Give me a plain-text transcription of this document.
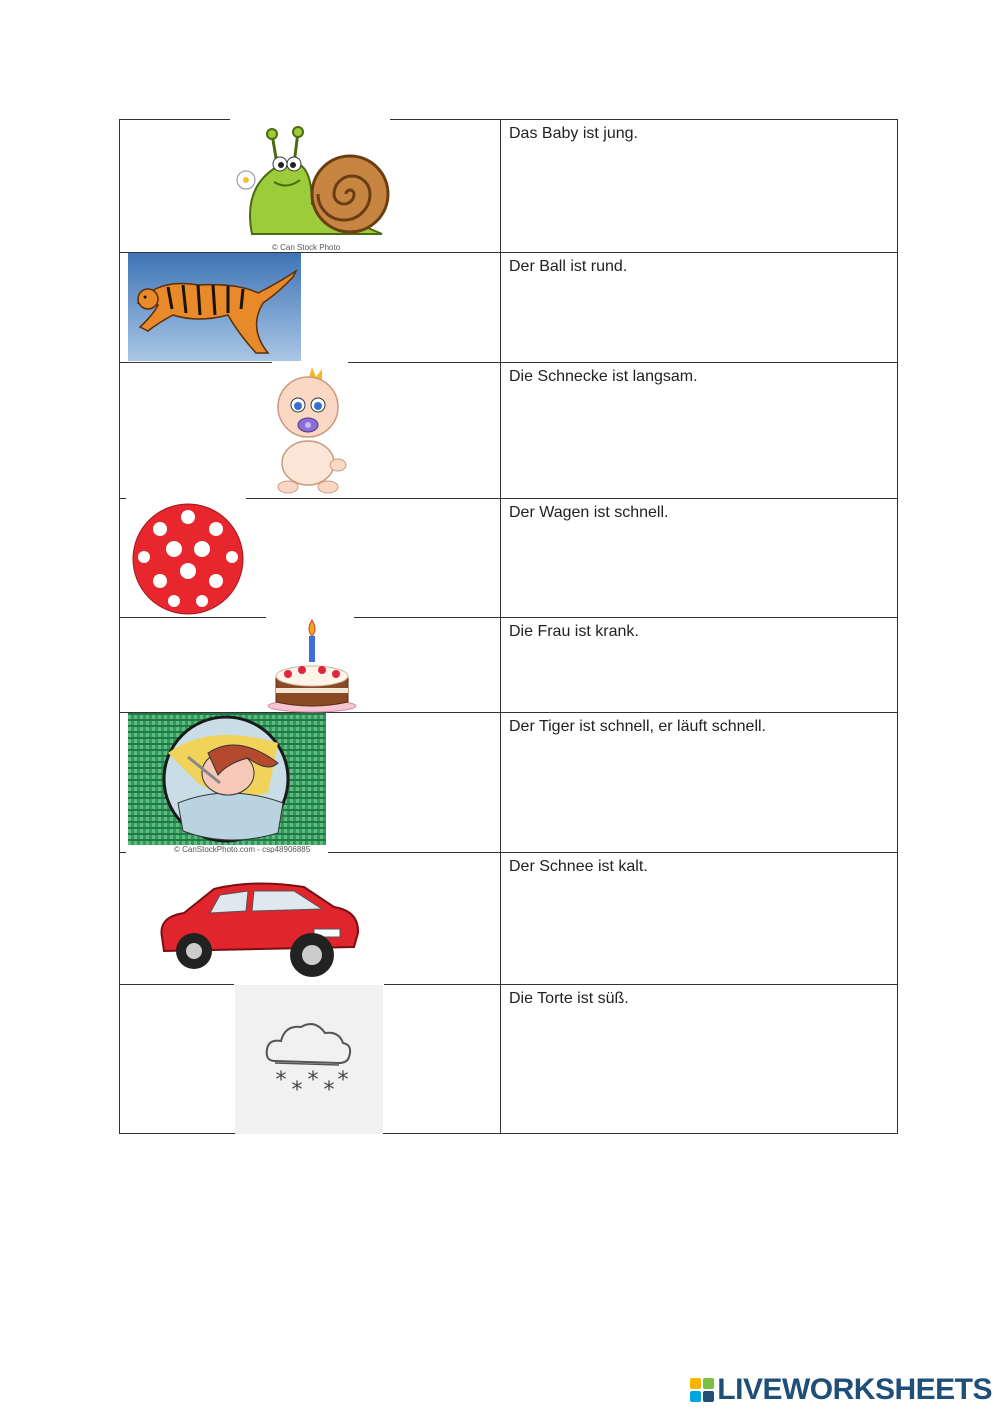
© Can Stock Photo	Das Baby ist jung.

	Der Ball ist rund.

	Die Schnecke ist langsam.

	Der Wagen ist schnell.

	Die Frau ist krank.

© CanStockPhoto.com - csp48906885	Der Tiger ist schnell, er läuft schnell.

	Der Schnee ist kalt.

* * * * *	Die Torte ist süß.
LIVEWORKSHEETS
